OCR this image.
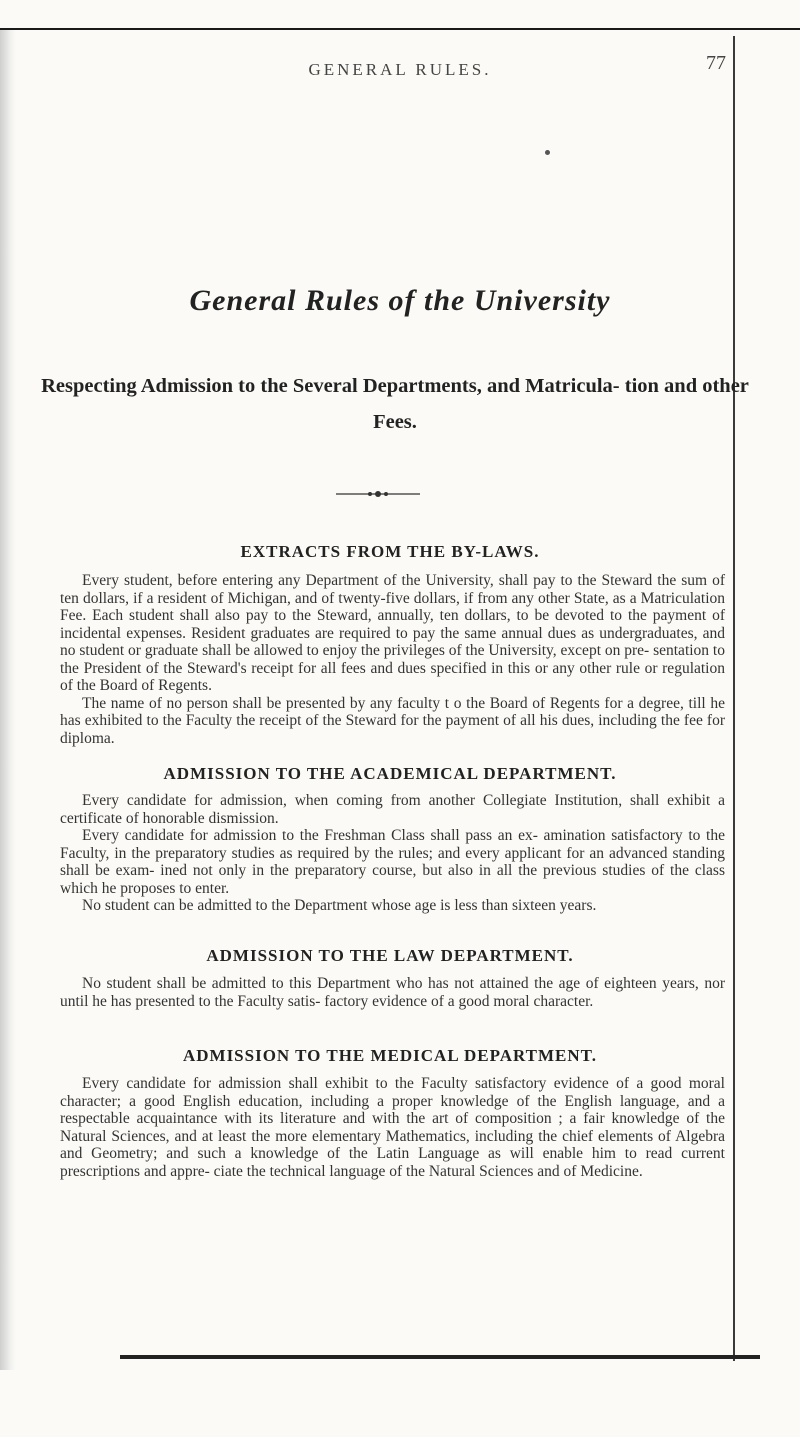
GENERAL RULES.	77
General Rules of the University
Respecting Admission to the Several Departments, and Matricula- tion and other Fees.
EXTRACTS FROM THE BY-LAWS.

Every student, before entering any Department of the University, shall pay to the Steward the sum of ten dollars, if a resident of Michigan, and of twenty-five dollars, if from any other State, as a Matriculation Fee. Each student shall also pay to the Steward, annually, ten dollars, to be devoted to the payment of incidental expenses. Resident graduates are required to pay the same annual dues as undergraduates, and no student or graduate shall be allowed to enjoy the privileges of the University, except on pre- sentation to the President of the Steward's receipt for all fees and dues specified in this or any other rule or regulation of the Board of Regents.

The name of no person shall be presented by any faculty t o the Board of Regents for a degree, till he has exhibited to the Faculty the receipt of the Steward for the payment of all his dues, including the fee for diploma.

ADMISSION TO THE ACADEMICAL DEPARTMENT.

Every candidate for admission, when coming from another Collegiate Institution, shall exhibit a certificate of honorable dismission.

Every candidate for admission to the Freshman Class shall pass an ex- amination satisfactory to the Faculty, in the preparatory studies as required by the rules; and every applicant for an advanced standing shall be exam- ined not only in the preparatory course, but also in all the previous studies of the class which he proposes to enter.

No student can be admitted to the Department whose age is less than sixteen years.

ADMISSION TO THE LAW DEPARTMENT.

No student shall be admitted to this Department who has not attained the age of eighteen years, nor until he has presented to the Faculty satis- factory evidence of a good moral character.

ADMISSION TO THE MEDICAL DEPARTMENT.

Every candidate for admission shall exhibit to the Faculty satisfactory evidence of a good moral character; a good English education, including a proper knowledge of the English language, and a respectable acquaintance with its literature and with the art of composition ; a fair knowledge of the Natural Sciences, and at least the more elementary Mathematics, including the chief elements of Algebra and Geometry; and such a knowledge of the Latin Language as will enable him to read current prescriptions and appre- ciate the technical language of the Natural Sciences and of Medicine.
